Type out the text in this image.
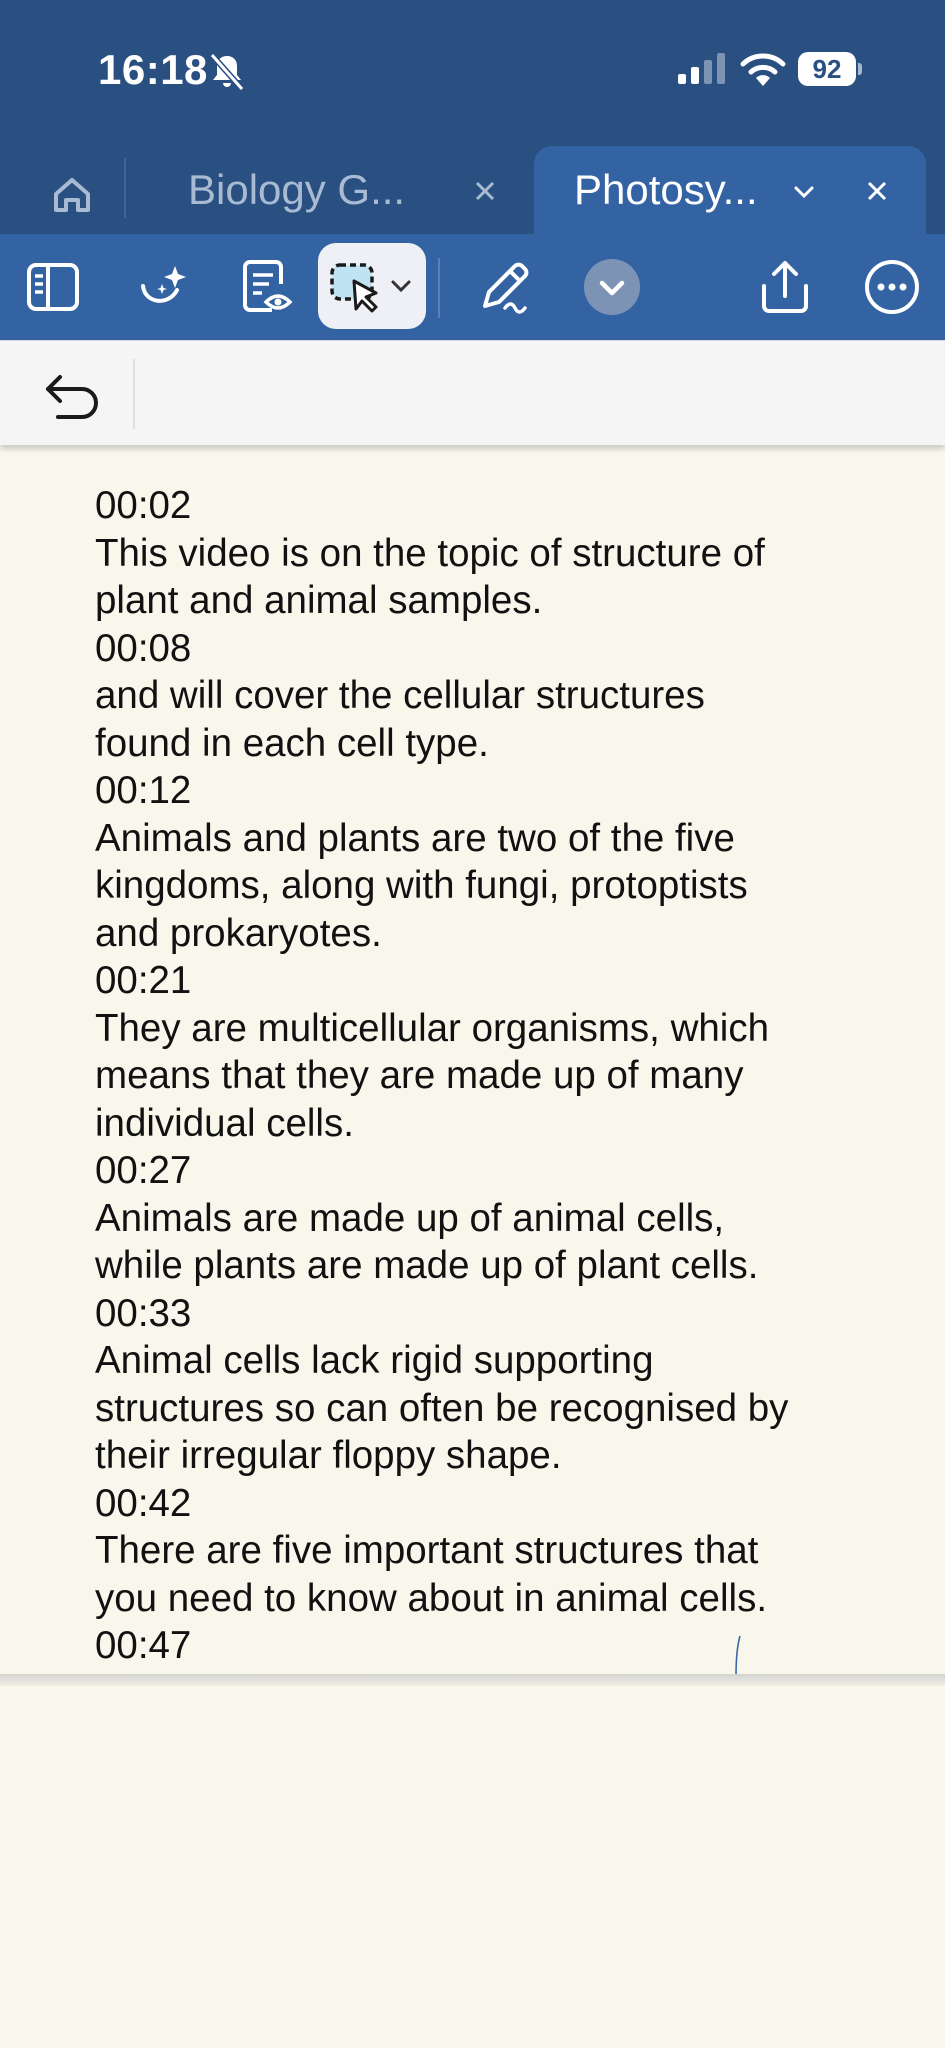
16:18	92
Biology G...	Photosy...
00:02
This video is on the topic of structure of
plant and animal samples.
00:08
and will cover the cellular structures
found in each cell type.
00:12
Animals and plants are two of the five
kingdoms, along with fungi, protoptists
and prokaryotes.
00:21
They are multicellular organisms, which
means that they are made up of many
individual cells.
00:27
Animals are made up of animal cells,
while plants are made up of plant cells.
00:33
Animal cells lack rigid supporting
structures so can often be recognised by
their irregular floppy shape.
00:42
There are five important structures that
you need to know about in animal cells.
00:47
